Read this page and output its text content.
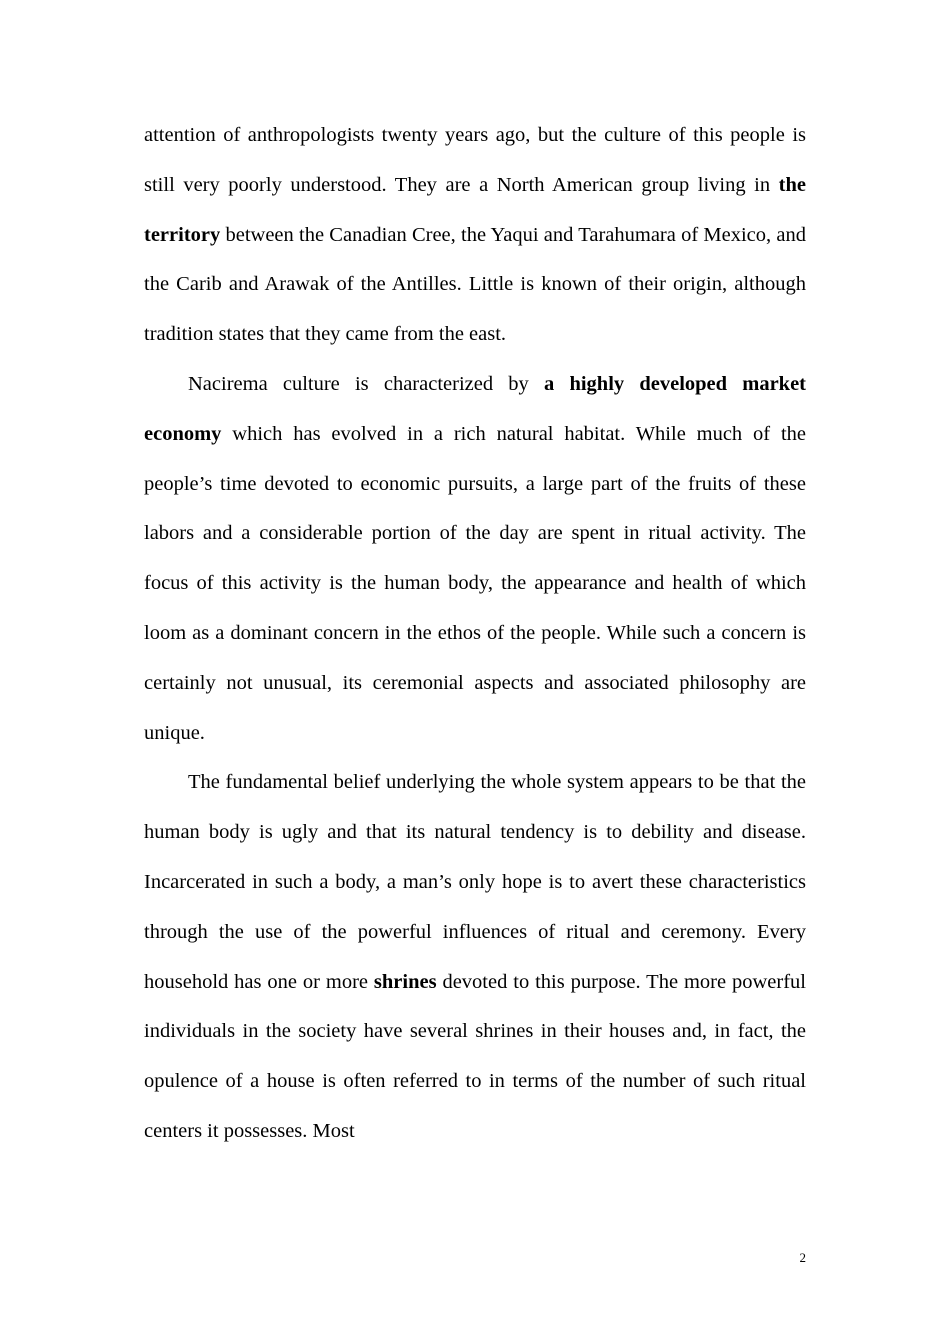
attention of anthropologists twenty years ago, but the culture of this people is still very poorly understood. They are a North American group living in the territory between the Canadian Cree, the Yaqui and Tarahumara of Mexico, and the Carib and Arawak of the Antilles. Little is known of their origin, although tradition states that they came from the east.

Nacirema culture is characterized by a highly developed market economy which has evolved in a rich natural habitat. While much of the people’s time devoted to economic pursuits, a large part of the fruits of these labors and a considerable portion of the day are spent in ritual activity. The focus of this activity is the human body, the appearance and health of which loom as a dominant concern in the ethos of the people. While such a concern is certainly not unusual, its ceremonial aspects and associated philosophy are unique.

The fundamental belief underlying the whole system appears to be that the human body is ugly and that its natural tendency is to debility and disease. Incarcerated in such a body, a man’s only hope is to avert these characteristics through the use of the powerful influences of ritual and ceremony. Every household has one or more shrines devoted to this purpose. The more powerful individuals in the society have several shrines in their houses and, in fact, the opulence of a house is often referred to in terms of the number of such ritual centers it possesses. Most

2
